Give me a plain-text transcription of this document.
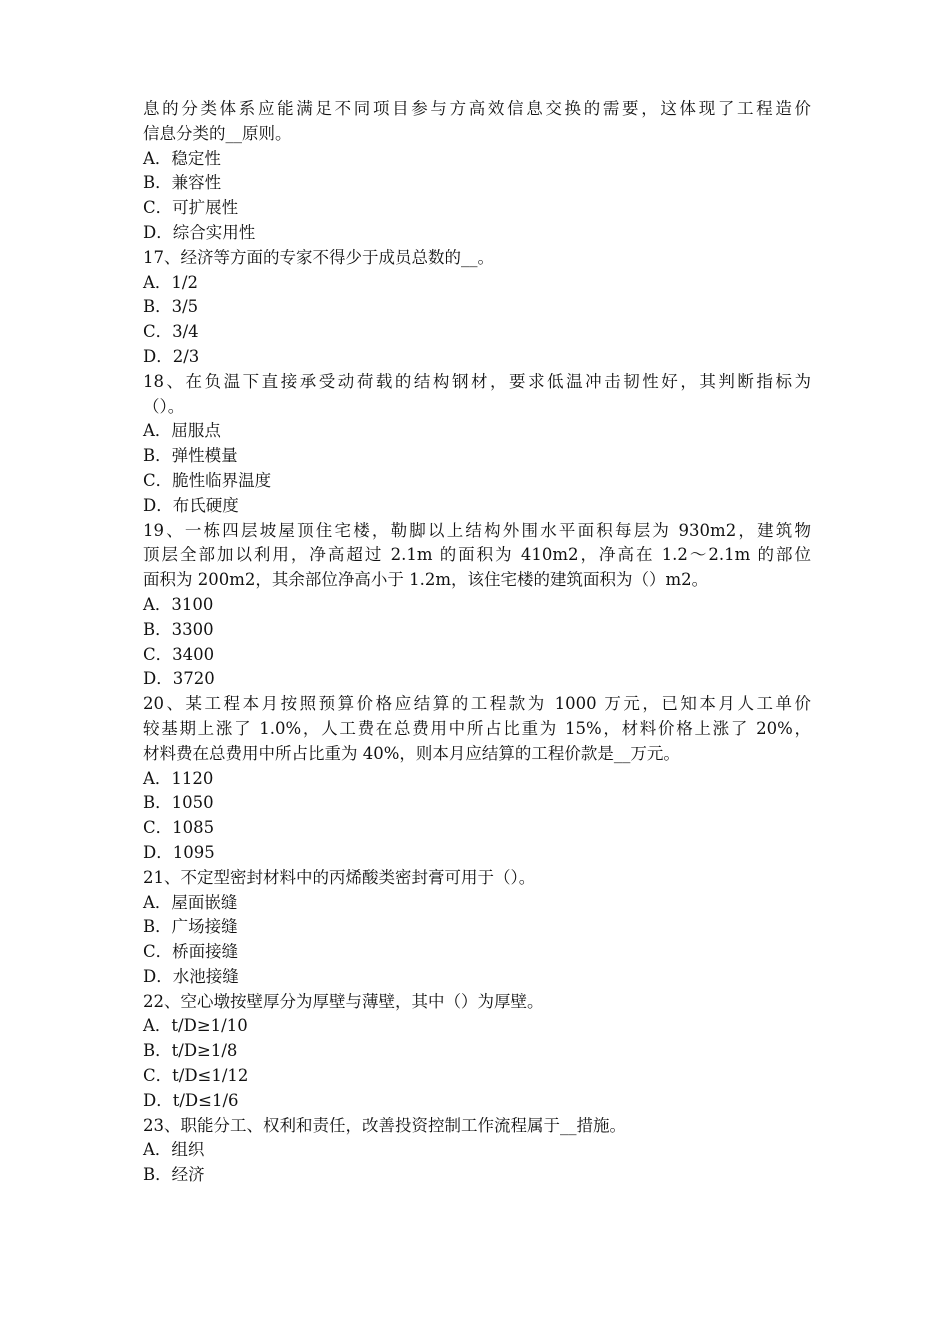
息的分类体系应能满足不同项目参与方高效信息交换的需要，这体现了工程造价
信息分类的__原则。
A．稳定性
B．兼容性
C．可扩展性
D．综合实用性
17、经济等方面的专家不得少于成员总数的__。
A．1/2
B．3/5
C．3/4
D．2/3
18、在负温下直接承受动荷载的结构钢材，要求低温冲击韧性好，其判断指标为
（）。
A．屈服点
B．弹性模量
C．脆性临界温度
D．布氏硬度
19、一栋四层坡屋顶住宅楼，勒脚以上结构外围水平面积每层为 930m2，建筑物
顶层全部加以利用，净高超过 2.1m 的面积为 410m2，净高在 1.2～2.1m 的部位
面积为 200m2，其余部位净高小于 1.2m，该住宅楼的建筑面积为（）m2。
A．3100
B．3300
C．3400
D．3720
20、某工程本月按照预算价格应结算的工程款为 1000 万元，已知本月人工单价
较基期上涨了 1.0%，人工费在总费用中所占比重为 15%，材料价格上涨了 20%，
材料费在总费用中所占比重为 40%，则本月应结算的工程价款是__万元。
A．1120
B．1050
C．1085
D．1095
21、不定型密封材料中的丙烯酸类密封膏可用于（）。
A．屋面嵌缝
B．广场接缝
C．桥面接缝
D．水池接缝
22、空心墩按壁厚分为厚壁与薄壁，其中（）为厚壁。
A．t/D≥1/10
B．t/D≥1/8
C．t/D≤1/12
D．t/D≤1/6
23、职能分工、权利和责任，改善投资控制工作流程属于__措施。
A．组织
B．经济
